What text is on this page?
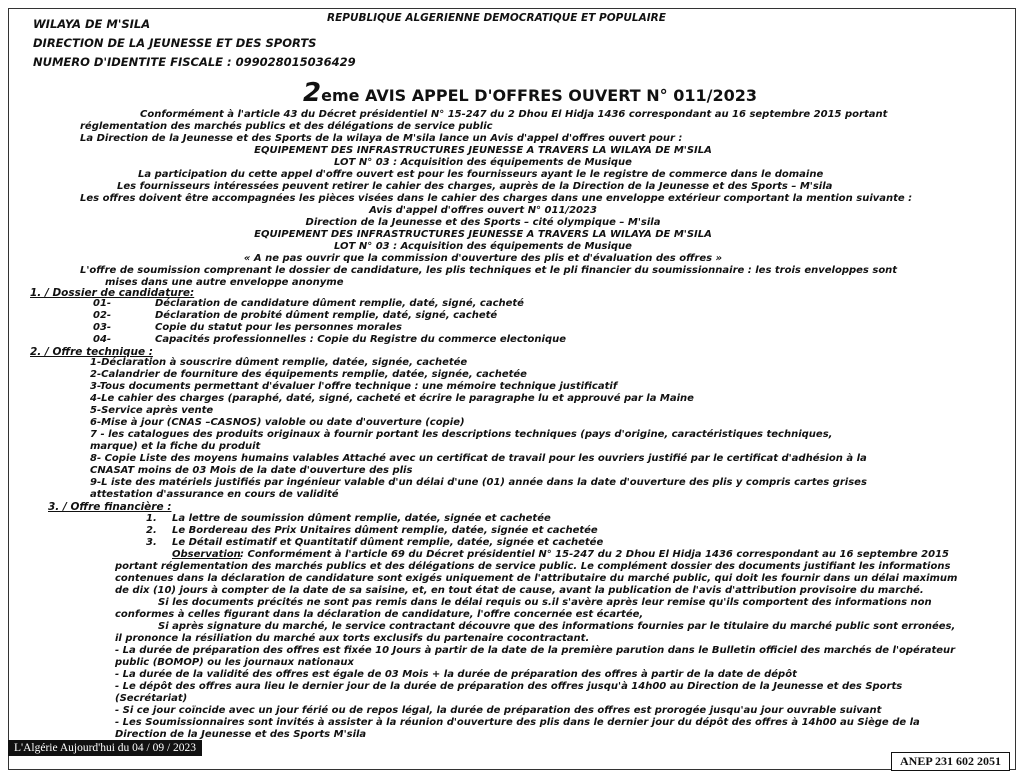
REPUBLIQUE ALGERIENNE DEMOCRATIQUE ET POPULAIRE
WILAYA DE M'SILA
DIRECTION DE LA JEUNESSE ET DES SPORTS
NUMERO D'IDENTITE FISCALE : 099028015036429
2eme AVIS APPEL D'OFFRES OUVERT N° 011/2023
Conformément à l'article 43 du Décret présidentiel N° 15-247 du 2 Dhou El Hidja 1436 correspondant au 16 septembre 2015 portant
réglementation des marchés publics et des délégations de service public
La Direction de la Jeunesse et des Sports de la wilaya de M'sila lance un Avis d'appel d'offres ouvert pour :
EQUIPEMENT DES INFRASTRUCTURES JEUNESSE A TRAVERS LA WILAYA DE M'SILA
LOT N° 03 : Acquisition des équipements de Musique
La participation du cette appel d'offre ouvert est pour les fournisseurs ayant le le registre de commerce dans le domaine
Les fournisseurs intéressées peuvent retirer le cahier des charges, auprès de la Direction de la Jeunesse et des Sports – M'sila
Les offres doivent être accompagnées les pièces visées dans le cahier des charges dans une enveloppe extérieur comportant la mention suivante :
Avis d'appel d'offres ouvert N° 011/2023
Direction de la Jeunesse et des Sports – cité olympique – M'sila
EQUIPEMENT DES INFRASTRUCTURES JEUNESSE A TRAVERS LA WILAYA DE M'SILA
LOT N° 03 : Acquisition des équipements de Musique
« A ne pas ouvrir que la commission d'ouverture des plis et d'évaluation des offres »
L'offre de soumission comprenant le dossier de candidature, les plis techniques et le pli financier du soumissionnaire : les trois enveloppes sont
mises dans une autre enveloppe anonyme
1. / Dossier de candidature:
01-	Déclaration de candidature dûment remplie, daté, signé, cacheté
02-	Déclaration de probité dûment remplie, daté, signé, cacheté
03-	Copie du statut pour les personnes morales
04-	Capacités professionnelles : Copie du Registre du commerce electonique
2. / Offre technique :
1-Déclaration à souscrire dûment remplie, datée, signée, cachetée
2-Calandrier de fourniture des équipements remplie, datée, signée, cachetée
3-Tous documents permettant d'évaluer l'offre technique : une mémoire technique justificatif
4-Le cahier des charges (paraphé, daté, signé, cacheté et écrire le paragraphe lu et approuvé par la Maine
5-Service après vente
6-Mise à jour (CNAS –CASNOS) valoble ou date d'ouverture (copie)
7 - les catalogues des produits originaux à fournir portant les descriptions techniques (pays d'origine, caractéristiques techniques,
marque) et la fiche du produit
8- Copie Liste des moyens humains valables Attaché avec un certificat de travail pour les ouvriers justifié par le certificat d'adhésion à la
CNASAT moins de 03 Mois de la date d'ouverture des plis
9-L iste des matériels justifiés par ingénieur valable d'un délai d'une (01) année dans la date d'ouverture des plis y compris cartes grises
attestation d'assurance en cours de validité
3. / Offre financière :
1. La lettre de soumission dûment remplie, datée, signée et cachetée
2. Le Bordereau des Prix Unitaires dûment remplie, datée, signée et cachetée
3. Le Détail estimatif et Quantitatif dûment remplie, datée, signée et cachetée
Observation : Conformément à l'article 69 du Décret présidentiel N° 15-247 du 2 Dhou El Hidja 1436 correspondant au 16 septembre 2015
portant réglementation des marchés publics et des délégations de service public. Le complément dossier des documents justifiant les informations
contenues dans la déclaration de candidature sont exigés uniquement de l'attributaire du marché public, qui doit les fournir dans un délai maximum
de dix (10) jours à compter de la date de sa saisine, et, en tout état de cause, avant la publication de l'avis d'attribution provisoire du marché.
Si les documents précités ne sont pas remis dans le délai requis ou s.il s'avère après leur remise qu'ils comportent des informations non
conformes à celles figurant dans la déclaration de candidature, l'offre concernée est écartée,
Si après signature du marché, le service contractant découvre que des informations fournies par le titulaire du marché public sont erronées,
il prononce la résiliation du marché aux torts exclusifs du partenaire cocontractant.
- La durée de préparation des offres est fixée 10 Jours à partir de la date de la première parution dans le Bulletin officiel des marchés de l'opérateur
public (BOMOP) ou les journaux nationaux
- La durée de la validité des offres est égale de 03 Mois + la durée de préparation des offres à partir de la date de dépôt
- Le dépôt des offres aura lieu le dernier jour de la durée de préparation des offres jusqu'à 14h00 au Direction de la Jeunesse et des Sports
(Secrétariat)
- Si ce jour coïncide avec un jour férié ou de repos légal, la durée de préparation des offres est prorogée jusqu'au jour ouvrable suivant
- Les Soumissionnaires sont invités à assister à la réunion d'ouverture des plis dans le dernier jour du dépôt des offres à 14h00 au Siège de la
Direction de la Jeunesse et des Sports M'sila
L'Algérie Aujourd'hui du 04 / 09 / 2023
ANEP 231 602 2051
